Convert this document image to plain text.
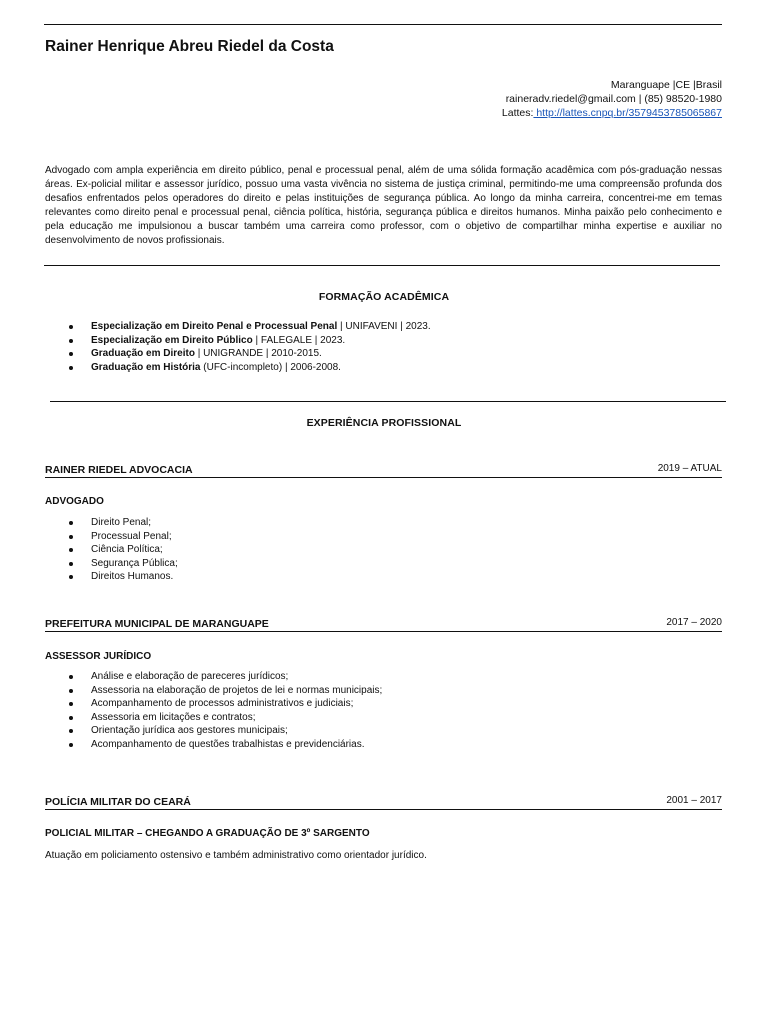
Rainer Henrique Abreu Riedel da Costa
Maranguape |CE |Brasil
raineradv.riedel@gmail.com | (85) 98520-1980
Lattes: http://lattes.cnpq.br/3579453785065867
Advogado com ampla experiência em direito público, penal e processual penal, além de uma sólida formação acadêmica com pós-graduação nessas áreas. Ex-policial militar e assessor jurídico, possuo uma vasta vivência no sistema de justiça criminal, permitindo-me uma compreensão profunda dos desafios enfrentados pelos operadores do direito e pelas instituições de segurança pública. Ao longo da minha carreira, concentrei-me em temas relevantes como direito penal e processual penal, ciência política, história, segurança pública e direitos humanos. Minha paixão pelo conhecimento e pela educação me impulsionou a buscar também uma carreira como professor, com o objetivo de compartilhar minha expertise e auxiliar no desenvolvimento de novos profissionais.
FORMAÇÃO ACADÊMICA
Especialização em Direito Penal e Processual Penal | UNIFAVENI | 2023.
Especialização em Direito Público | FALEGALE | 2023.
Graduação em Direito | UNIGRANDE | 2010-2015.
Graduação em História (UFC-incompleto) | 2006-2008.
EXPERIÊNCIA PROFISSIONAL
RAINER RIEDEL ADVOCACIA	2019 – ATUAL
ADVOGADO
Direito Penal;
Processual Penal;
Ciência Política;
Segurança Pública;
Direitos Humanos.
PREFEITURA MUNICIPAL DE MARANGUAPE	2017 – 2020
ASSESSOR JURÍDICO
Análise e elaboração de pareceres jurídicos;
Assessoria na elaboração de projetos de lei e normas municipais;
Acompanhamento de processos administrativos e judiciais;
Assessoria em licitações e contratos;
Orientação jurídica aos gestores municipais;
Acompanhamento de questões trabalhistas e previdenciárias.
POLÍCIA MILITAR DO CEARÁ	2001 – 2017
POLICIAL MILITAR – CHEGANDO A GRADUAÇÃO DE 3º SARGENTO
Atuação em policiamento ostensivo e também administrativo como orientador jurídico.
